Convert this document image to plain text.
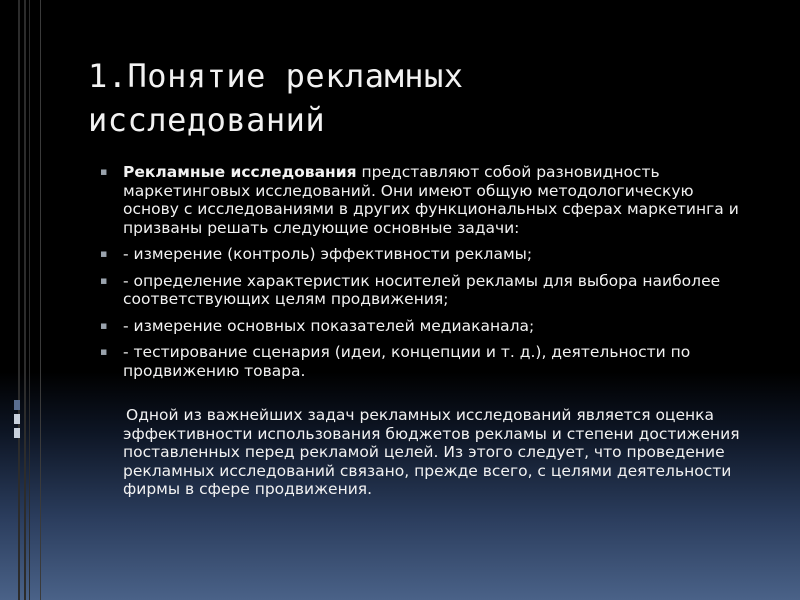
1.Понятие рекламных
исследований
▪ Рекламные исследования представляют собой разновидность маркетинговых исследований. Они имеют общую методологическую основу с исследованиями в других функциональных сферах маркетинга и призваны решать следующие основные задачи:
▪ - измерение (контроль) эффективности рекламы;
▪ - определение характеристик носителей рекламы для выбора наиболее соответствующих целям продвижения;
▪ - измерение основных показателей медиаканала;
▪ - тестирование сценария (идеи, концепции и т. д.), деятельности по продвижению товара.

Одной из важнейших задач рекламных исследований является оценка эффективности использования бюджетов рекламы и степени достижения поставленных перед рекламой целей. Из этого следует, что проведение рекламных исследований связано, прежде всего, с целями деятельности фирмы в сфере продвижения.
